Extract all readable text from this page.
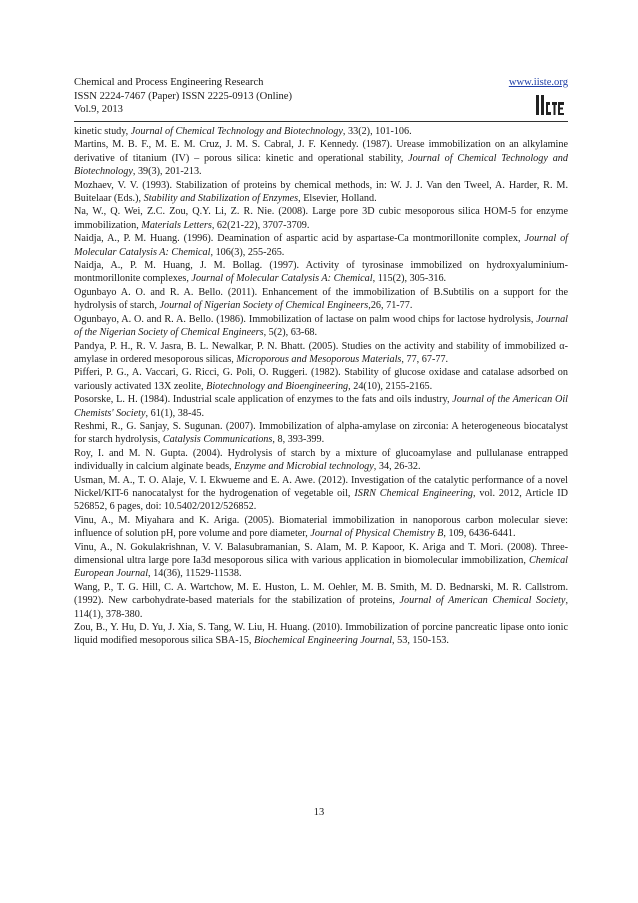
Chemical and Process Engineering Research
ISSN 2224-7467 (Paper) ISSN 2225-0913 (Online)
Vol.9, 2013
www.iiste.org

kinetic study, Journal of Chemical Technology and Biotechnology, 33(2), 101-106.

Martins, M. B. F., M. E. M. Cruz, J. M. S. Cabral, J. F. Kennedy. (1987). Urease immobilization on an alkylamine derivative of titanium (IV) – porous silica: kinetic and operational stability, Journal of Chemical Technology and Biotechnology, 39(3), 201-213.

Mozhaev, V. V. (1993). Stabilization of proteins by chemical methods, in: W. J. J. Van den Tweel, A. Harder, R. M. Buitelaar (Eds.), Stability and Stabilization of Enzymes, Elsevier, Holland.

Na, W., Q. Wei, Z.C. Zou, Q.Y. Li, Z. R. Nie. (2008). Large pore 3D cubic mesoporous silica HOM-5 for enzyme immobilization, Materials Letters, 62(21-22), 3707-3709.

Naidja, A., P. M. Huang. (1996). Deamination of aspartic acid by aspartase-Ca montmorillonite complex, Journal of Molecular Catalysis A: Chemical, 106(3), 255-265.

Naidja, A., P. M. Huang, J. M. Bollag. (1997). Activity of tyrosinase immobilized on hydroxyaluminium-montmorillonite complexes, Journal of Molecular Catalysis A: Chemical, 115(2), 305-316.

Ogunbayo A. O. and R. A. Bello. (2011). Enhancement of the immobilization of B.Subtilis on a support for the hydrolysis of starch, Journal of Nigerian Society of Chemical Engineers,26, 71-77.

Ogunbayo, A. O. and R. A. Bello. (1986). Immobilization of lactase on palm wood chips for lactose hydrolysis, Journal of the Nigerian Society of Chemical Engineers, 5(2), 63-68.

Pandya, P. H., R. V. Jasra, B. L. Newalkar, P. N. Bhatt. (2005). Studies on the activity and stability of immobilized α-amylase in ordered mesoporous silicas, Microporous and Mesoporous Materials, 77, 67-77.

Pifferi, P. G., A. Vaccari, G. Ricci, G. Poli, O. Ruggeri. (1982). Stability of glucose oxidase and catalase adsorbed on variously activated 13X zeolite, Biotechnology and Bioengineering, 24(10), 2155-2165.

Posorske, L. H. (1984). Industrial scale application of enzymes to the fats and oils industry, Journal of the American Oil Chemists' Society, 61(1), 38-45.

Reshmi, R., G. Sanjay, S. Sugunan. (2007). Immobilization of alpha-amylase on zirconia: A heterogeneous biocatalyst for starch hydrolysis, Catalysis Communications, 8, 393-399.

Roy, I. and M. N. Gupta. (2004). Hydrolysis of starch by a mixture of glucoamylase and pullulanase entrapped individually in calcium alginate beads, Enzyme and Microbial technology, 34, 26-32.

Usman, M. A., T. O. Alaje, V. I. Ekwueme and E. A. Awe. (2012). Investigation of the catalytic performance of a novel Nickel/KIT-6 nanocatalyst for the hydrogenation of vegetable oil, ISRN Chemical Engineering, vol. 2012, Article ID 526852, 6 pages, doi: 10.5402/2012/526852.

Vinu, A., M. Miyahara and K. Ariga. (2005). Biomaterial immobilization in nanoporous carbon molecular sieve: influence of solution pH, pore volume and pore diameter, Journal of Physical Chemistry B, 109, 6436-6441.

Vinu, A., N. Gokulakrishnan, V. V. Balasubramanian, S. Alam, M. P. Kapoor, K. Ariga and T. Mori. (2008). Three-dimensional ultra large pore Ia3d mesoporous silica with various application in biomolecular immobilization, Chemical European Journal, 14(36), 11529-11538.

Wang, P., T. G. Hill, C. A. Wartchow, M. E. Huston, L. M. Oehler, M. B. Smith, M. D. Bednarski, M. R. Callstrom. (1992). New carbohydrate-based materials for the stabilization of proteins, Journal of American Chemical Society, 114(1), 378-380.

Zou, B., Y. Hu, D. Yu, J. Xia, S. Tang, W. Liu, H. Huang. (2010). Immobilization of porcine pancreatic lipase onto ionic liquid modified mesoporous silica SBA-15, Biochemical Engineering Journal, 53, 150-153.

13
